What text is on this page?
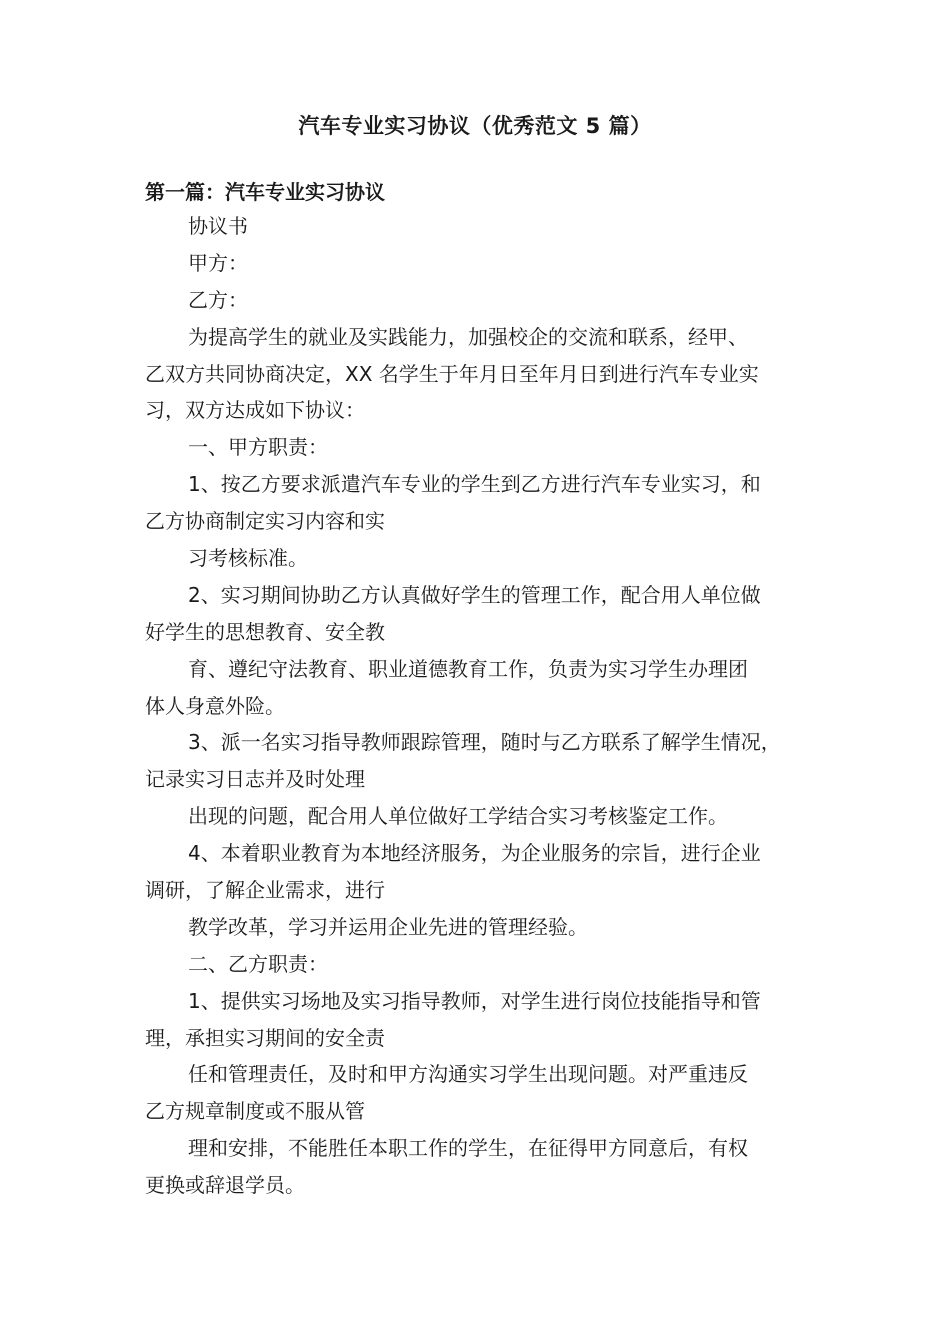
汽车专业实习协议（优秀范文 5 篇）
第一篇：汽车专业实习协议
协议书
甲方：
乙方：
为提高学生的就业及实践能力，加强校企的交流和联系，经甲、
乙双方共同协商决定，XX 名学生于年月日至年月日到进行汽车专业实
习，双方达成如下协议：
一、甲方职责：
1、按乙方要求派遣汽车专业的学生到乙方进行汽车专业实习，和
乙方协商制定实习内容和实
习考核标准。
2、实习期间协助乙方认真做好学生的管理工作，配合用人单位做
好学生的思想教育、安全教
育、遵纪守法教育、职业道德教育工作，负责为实习学生办理团
体人身意外险。
3、派一名实习指导教师跟踪管理，随时与乙方联系了解学生情况，
记录实习日志并及时处理
出现的问题，配合用人单位做好工学结合实习考核鉴定工作。
4、本着职业教育为本地经济服务，为企业服务的宗旨，进行企业
调研，了解企业需求，进行
教学改革，学习并运用企业先进的管理经验。
二、乙方职责：
1、提供实习场地及实习指导教师，对学生进行岗位技能指导和管
理，承担实习期间的安全责
任和管理责任，及时和甲方沟通实习学生出现问题。对严重违反
乙方规章制度或不服从管
理和安排，不能胜任本职工作的学生，在征得甲方同意后，有权
更换或辞退学员。
